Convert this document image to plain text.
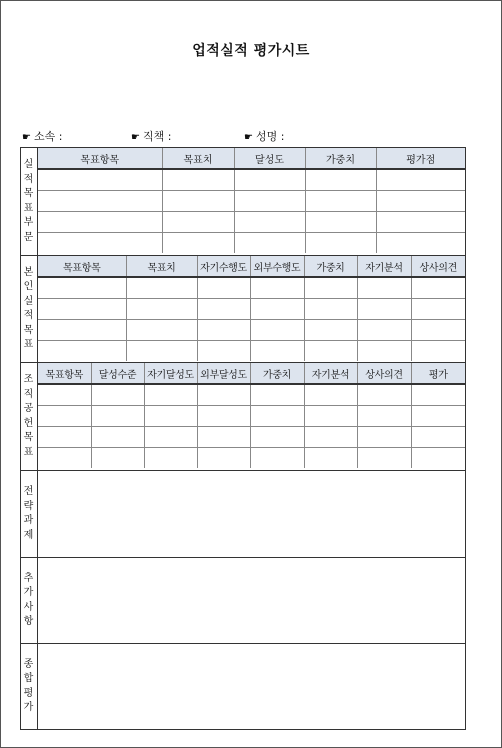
업적실적 평가시트
☛ 소속 :	☛ 직책 :	☛ 성명 :
실
적
목
표
부
문
목표항목	목표치	달성도	가중치	평가점

본
인
실
적
목
표
목표항목	목표치	자기수행도	외부수행도	가중치	자기분석	상사의견

조
직
공
헌
목
표
목표항목	달성수준	자기달성도	외부달성도	가중치	자기분석	상사의견	평가

전
략
과
제
추
가
사
항
종
합
평
가
